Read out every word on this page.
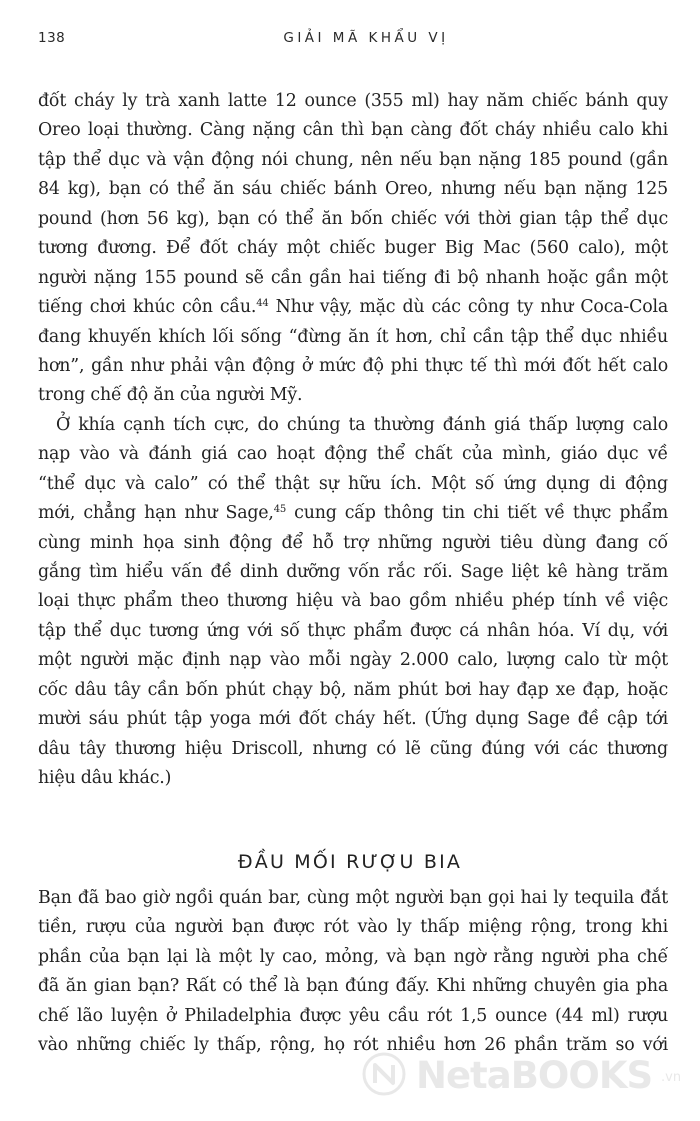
138	GIẢI MÃ KHẨU VỊ
đốt cháy ly trà xanh latte 12 ounce (355 ml) hay năm chiếc bánh quy
Oreo loại thường. Càng nặng cân thì bạn càng đốt cháy nhiều calo khi
tập thể dục và vận động nói chung, nên nếu bạn nặng 185 pound (gần
84 kg), bạn có thể ăn sáu chiếc bánh Oreo, nhưng nếu bạn nặng 125
pound (hơn 56 kg), bạn có thể ăn bốn chiếc với thời gian tập thể dục
tương đương. Để đốt cháy một chiếc buger Big Mac (560 calo), một
người nặng 155 pound sẽ cần gần hai tiếng đi bộ nhanh hoặc gần một
tiếng chơi khúc côn cầu.$^{44}$ Như vậy, mặc dù các công ty như Coca-Cola
đang khuyến khích lối sống “đừng ăn ít hơn, chỉ cần tập thể dục nhiều
hơn”, gần như phải vận động ở mức độ phi thực tế thì mới đốt hết calo
trong chế độ ăn của người Mỹ.
Ở khía cạnh tích cực, do chúng ta thường đánh giá thấp lượng calo
nạp vào và đánh giá cao hoạt động thể chất của mình, giáo dục về
“thể dục và calo” có thể thật sự hữu ích. Một số ứng dụng di động
mới, chẳng hạn như Sage,$^{45}$ cung cấp thông tin chi tiết về thực phẩm
cùng minh họa sinh động để hỗ trợ những người tiêu dùng đang cố
gắng tìm hiểu vấn đề dinh dưỡng vốn rắc rối. Sage liệt kê hàng trăm
loại thực phẩm theo thương hiệu và bao gồm nhiều phép tính về việc
tập thể dục tương ứng với số thực phẩm được cá nhân hóa. Ví dụ, với
một người mặc định nạp vào mỗi ngày 2.000 calo, lượng calo từ một
cốc dâu tây cần bốn phút chạy bộ, năm phút bơi hay đạp xe đạp, hoặc
mười sáu phút tập yoga mới đốt cháy hết. (Ứng dụng Sage đề cập tới
dâu tây thương hiệu Driscoll, nhưng có lẽ cũng đúng với các thương
hiệu dâu khác.)
ĐẦU MỐI RƯỢU BIA
Bạn đã bao giờ ngồi quán bar, cùng một người bạn gọi hai ly tequila đắt
tiền, rượu của người bạn được rót vào ly thấp miệng rộng, trong khi
phần của bạn lại là một ly cao, mỏng, và bạn ngờ rằng người pha chế
đã ăn gian bạn? Rất có thể là bạn đúng đấy. Khi những chuyên gia pha
chế lão luyện ở Philadelphia được yêu cầu rót 1,5 ounce (44 ml) rượu
vào những chiếc ly thấp, rộng, họ rót nhiều hơn 26 phần trăm so với
NetaBOOKS .vn
